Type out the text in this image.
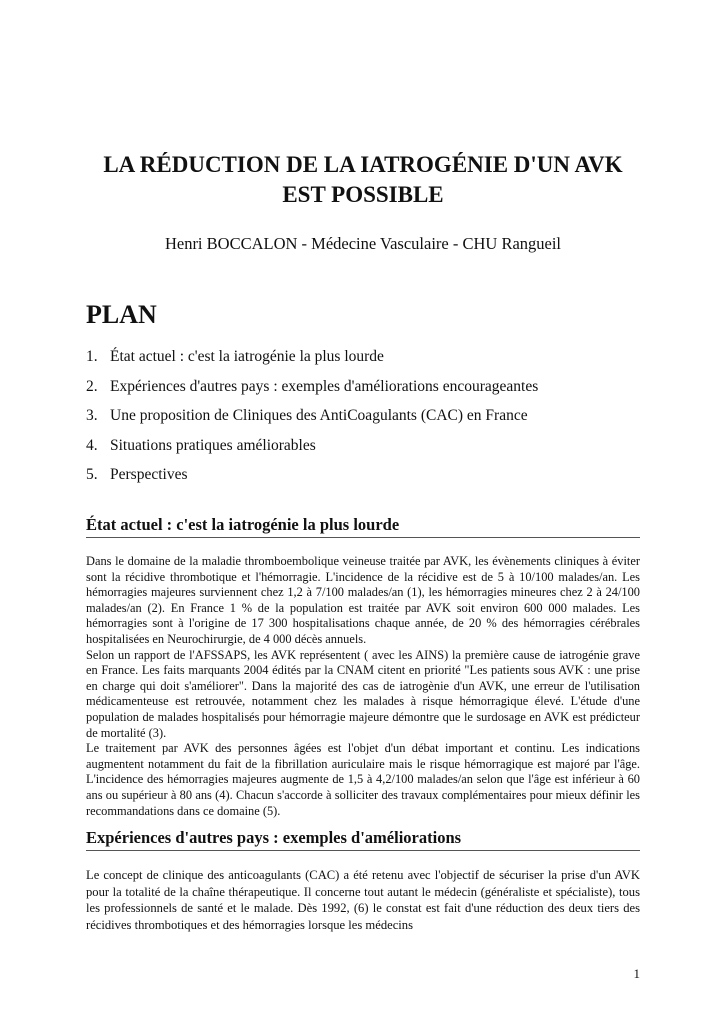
LA RÉDUCTION DE LA IATROGÉNIE D'UN AVK EST POSSIBLE

Henri BOCCALON - Médecine Vasculaire - CHU Rangueil

PLAN
1. État actuel : c'est la iatrogénie la plus lourde
2. Expériences d'autres pays : exemples d'améliorations encourageantes
3. Une proposition de Cliniques des AntiCoagulants (CAC) en France
4. Situations pratiques améliorables
5. Perspectives
État actuel : c'est la iatrogénie la plus lourde

Dans le domaine de la maladie thromboembolique veineuse traitée par AVK, les évènements cliniques à éviter sont la récidive thrombotique et l'hémorragie. L'incidence de la récidive est de 5 à 10/100 malades/an. Les hémorragies majeures surviennent chez 1,2 à 7/100 malades/an (1), les hémorragies mineures chez 2 à 24/100 malades/an (2). En France 1 % de la population est traitée par AVK soit environ 600 000 malades. Les hémorragies sont à l'origine de 17 300 hospitalisations chaque année, de 20 % des hémorragies cérébrales hospitalisées en Neurochirurgie, de 4 000 décès annuels.

Selon un rapport de l'AFSSAPS, les AVK représentent ( avec les AINS) la première cause de iatrogénie grave en France. Les faits marquants 2004 édités par la CNAM citent en priorité "Les patients sous AVK : une prise en charge qui doit s'améliorer". Dans la majorité des cas de iatrogènie d'un AVK, une erreur de l'utilisation médicamenteuse est retrouvée, notamment chez les malades à risque hémorragique élevé. L'étude d'une population de malades hospitalisés pour hémorragie majeure démontre que le surdosage en AVK est prédicteur de mortalité (3).

Le traitement par AVK des personnes âgées est l'objet d'un débat important et continu. Les indications augmentent notamment du fait de la fibrillation auriculaire mais le risque hémorragique est majoré par l'âge. L'incidence des hémorragies majeures augmente de 1,5 à 4,2/100 malades/an selon que l'âge est inférieur à 60 ans ou supérieur à 80 ans (4). Chacun s'accorde à solliciter des travaux complémentaires pour mieux définir les recommandations dans ce domaine (5).

Expériences d'autres pays : exemples d'améliorations

Le concept de clinique des anticoagulants (CAC) a été retenu avec l'objectif de sécuriser la prise d'un AVK pour la totalité de la chaîne thérapeutique. Il concerne tout autant le médecin (généraliste et spécialiste), tous les professionnels de santé et le malade. Dès 1992, (6) le constat est fait d'une réduction des deux tiers des récidives thrombotiques et des hémorragies lorsque les médecins

1
